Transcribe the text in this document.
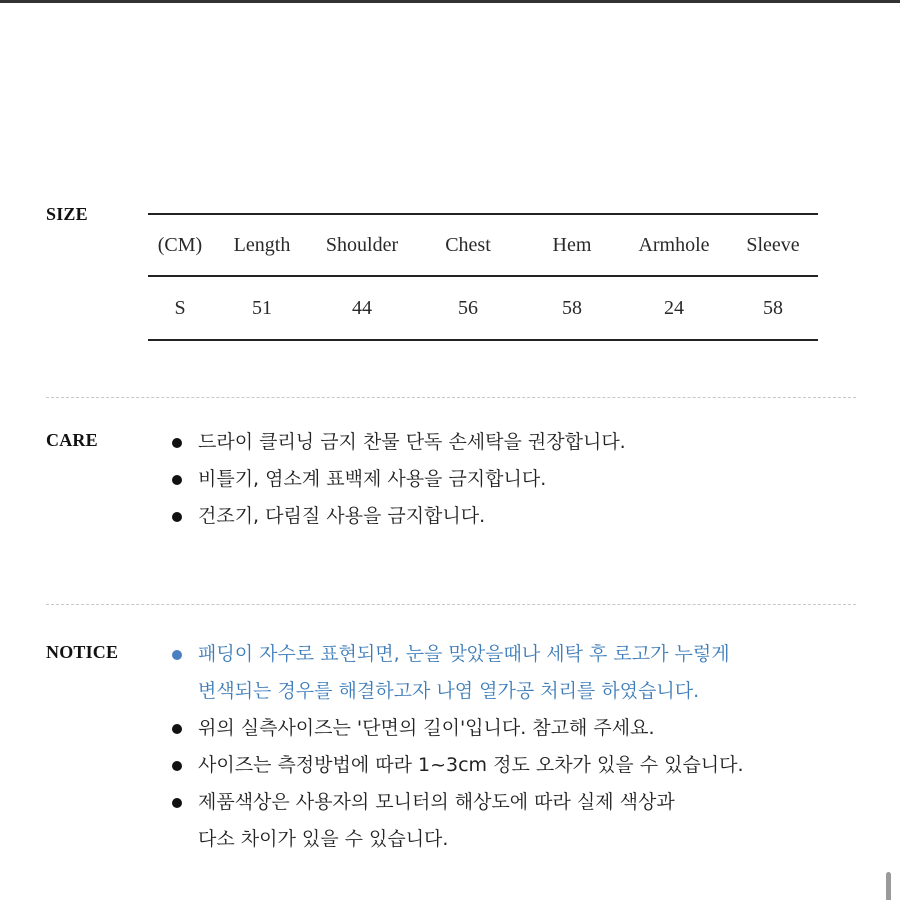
SIZE
(CM)	Length	Shoulder	Chest	Hem	Armhole	Sleeve
S	51	44	56	58	24	58
CARE	드라이 클리닝 금지 찬물 단독 손세탁을 권장합니다.
비틀기, 염소계 표백제 사용을 금지합니다.
건조기, 다림질 사용을 금지합니다.
NOTICE	패딩이 자수로 표현되면, 눈을 맞았을때나 세탁 후 로고가 누렇게
변색되는 경우를 해결하고자 나염 열가공 처리를 하였습니다.
위의 실측사이즈는 '단면의 길이'입니다. 참고해 주세요.
사이즈는 측정방법에 따라 1~3cm 정도 오차가 있을 수 있습니다.
제품색상은 사용자의 모니터의 해상도에 따라 실제 색상과
다소 차이가 있을 수 있습니다.
